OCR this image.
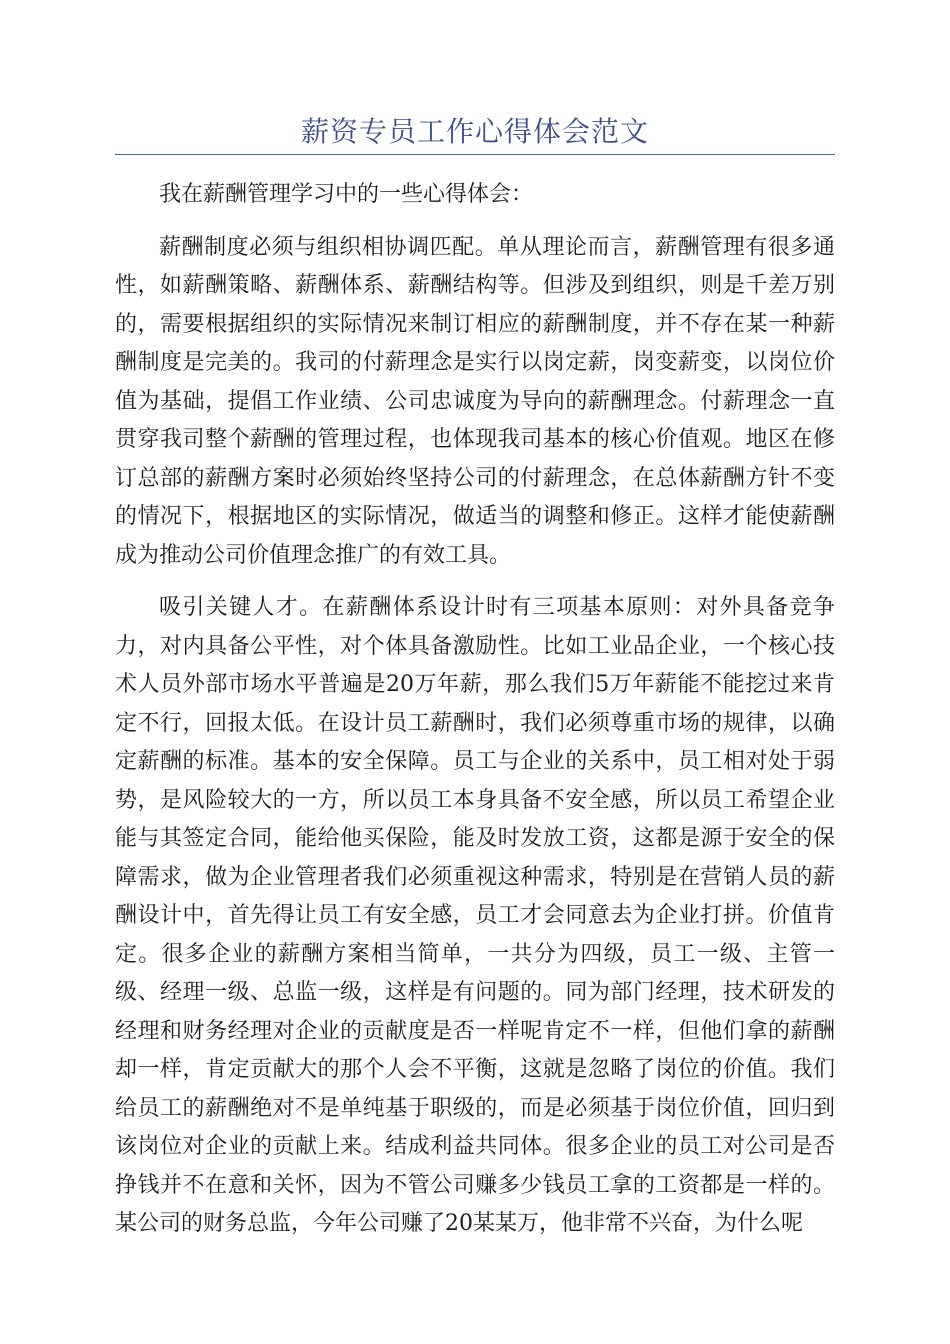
薪资专员工作心得体会范文

我在薪酬管理学习中的一些心得体会：

薪酬制度必须与组织相协调匹配。单从理论而言，薪酬管理有很多通性，如薪酬策略、薪酬体系、薪酬结构等。但涉及到组织，则是千差万别的，需要根据组织的实际情况来制订相应的薪酬制度，并不存在某一种薪酬制度是完美的。我司的付薪理念是实行以岗定薪，岗变薪变，以岗位价值为基础，提倡工作业绩、公司忠诚度为导向的薪酬理念。付薪理念一直贯穿我司整个薪酬的管理过程，也体现我司基本的核心价值观。地区在修订总部的薪酬方案时必须始终坚持公司的付薪理念，在总体薪酬方针不变的情况下，根据地区的实际情况，做适当的调整和修正。这样才能使薪酬成为推动公司价值理念推广的有效工具。

吸引关键人才。在薪酬体系设计时有三项基本原则：对外具备竞争力，对内具备公平性，对个体具备激励性。比如工业品企业，一个核心技术人员外部市场水平普遍是20万年薪，那么我们5万年薪能不能挖过来肯定不行，回报太低。在设计员工薪酬时，我们必须尊重市场的规律，以确定薪酬的标准。基本的安全保障。员工与企业的关系中，员工相对处于弱势，是风险较大的一方，所以员工本身具备不安全感，所以员工希望企业能与其签定合同，能给他买保险，能及时发放工资，这都是源于安全的保障需求，做为企业管理者我们必须重视这种需求，特别是在营销人员的薪酬设计中，首先得让员工有安全感，员工才会同意去为企业打拼。价值肯定。很多企业的薪酬方案相当简单，一共分为四级，员工一级、主管一级、经理一级、总监一级，这样是有问题的。同为部门经理，技术研发的经理和财务经理对企业的贡献度是否一样呢肯定不一样，但他们拿的薪酬却一样，肯定贡献大的那个人会不平衡，这就是忽略了岗位的价值。我们给员工的薪酬绝对不是单纯基于职级的，而是必须基于岗位价值，回归到该岗位对企业的贡献上来。结成利益共同体。很多企业的员工对公司是否挣钱并不在意和关怀，因为不管公司赚多少钱员工拿的工资都是一样的。某公司的财务总监，今年公司赚了20某某万，他非常不兴奋，为什么呢
